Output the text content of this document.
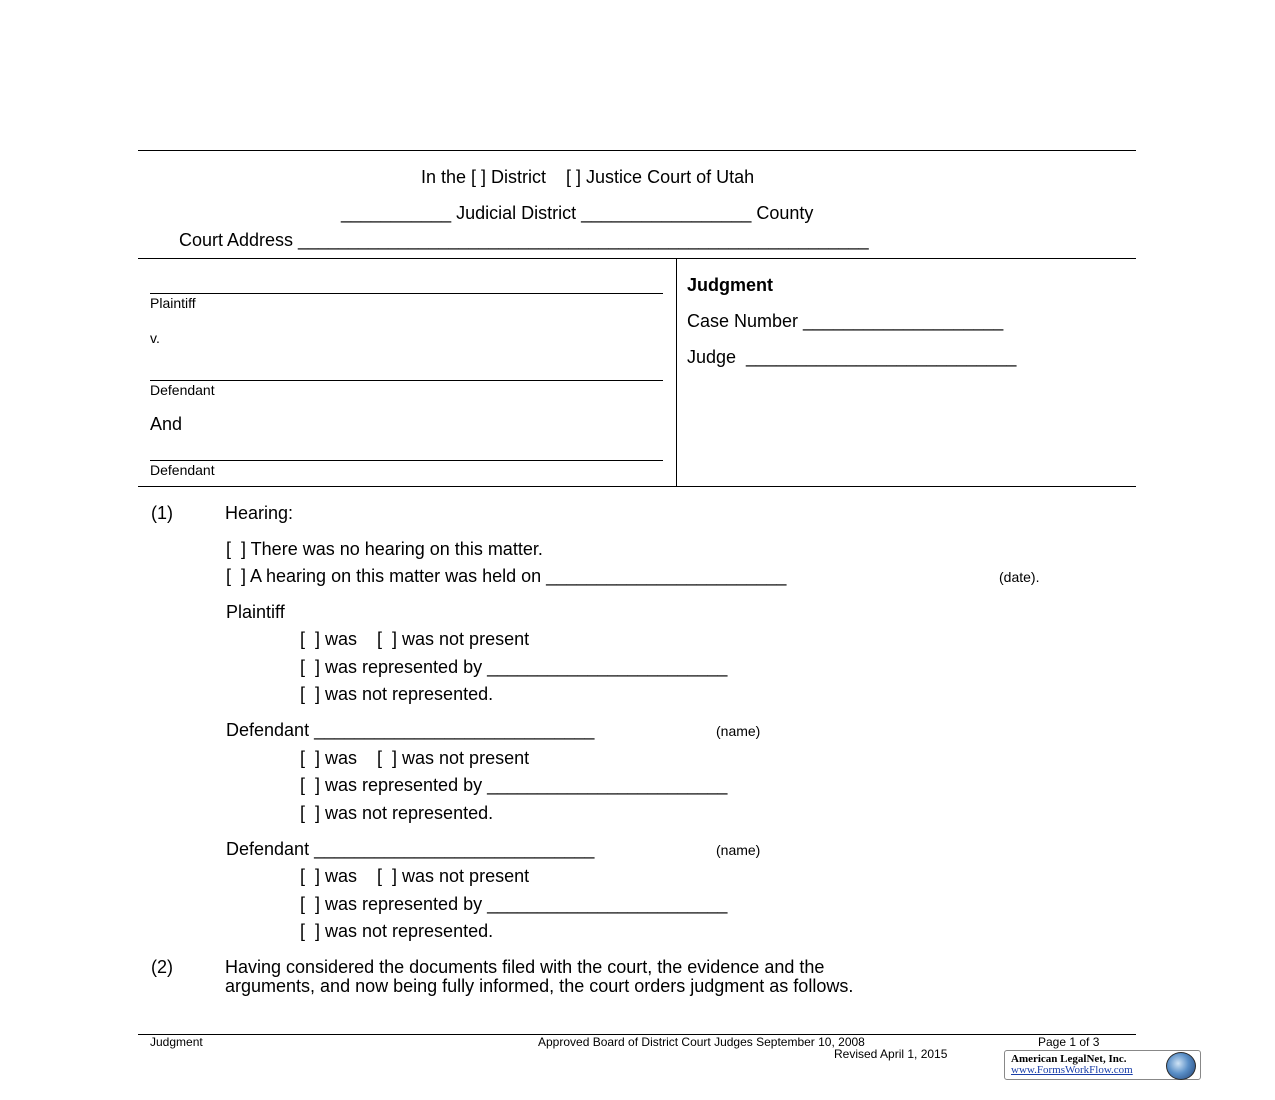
In the [ ] District    [ ] Justice Court of Utah
___________ Judicial District _________________ County
Court Address _________________________________________________________
Plaintiff
v.
Defendant
And
Defendant
Judgment
Case Number ____________________
Judge  ___________________________
(1)	Hearing:
[  ] There was no hearing on this matter.
[  ] A hearing on this matter was held on ________________________	(date).
Plaintiff
[  ] was    [  ] was not present
[  ] was represented by ________________________
[  ] was not represented.
Defendant ____________________________	(name)
[  ] was    [  ] was not present
[  ] was represented by ________________________
[  ] was not represented.
Defendant ____________________________	(name)
[  ] was    [  ] was not present
[  ] was represented by ________________________
[  ] was not represented.
(2)	Having considered the documents filed with the court, the evidence and the
arguments, and now being fully informed, the court orders judgment as follows.
Judgment	Approved Board of District Court Judges September 10, 2008	Page 1 of 3
Revised April 1, 2015	American LegalNet, Inc.
www.FormsWorkFlow.com
